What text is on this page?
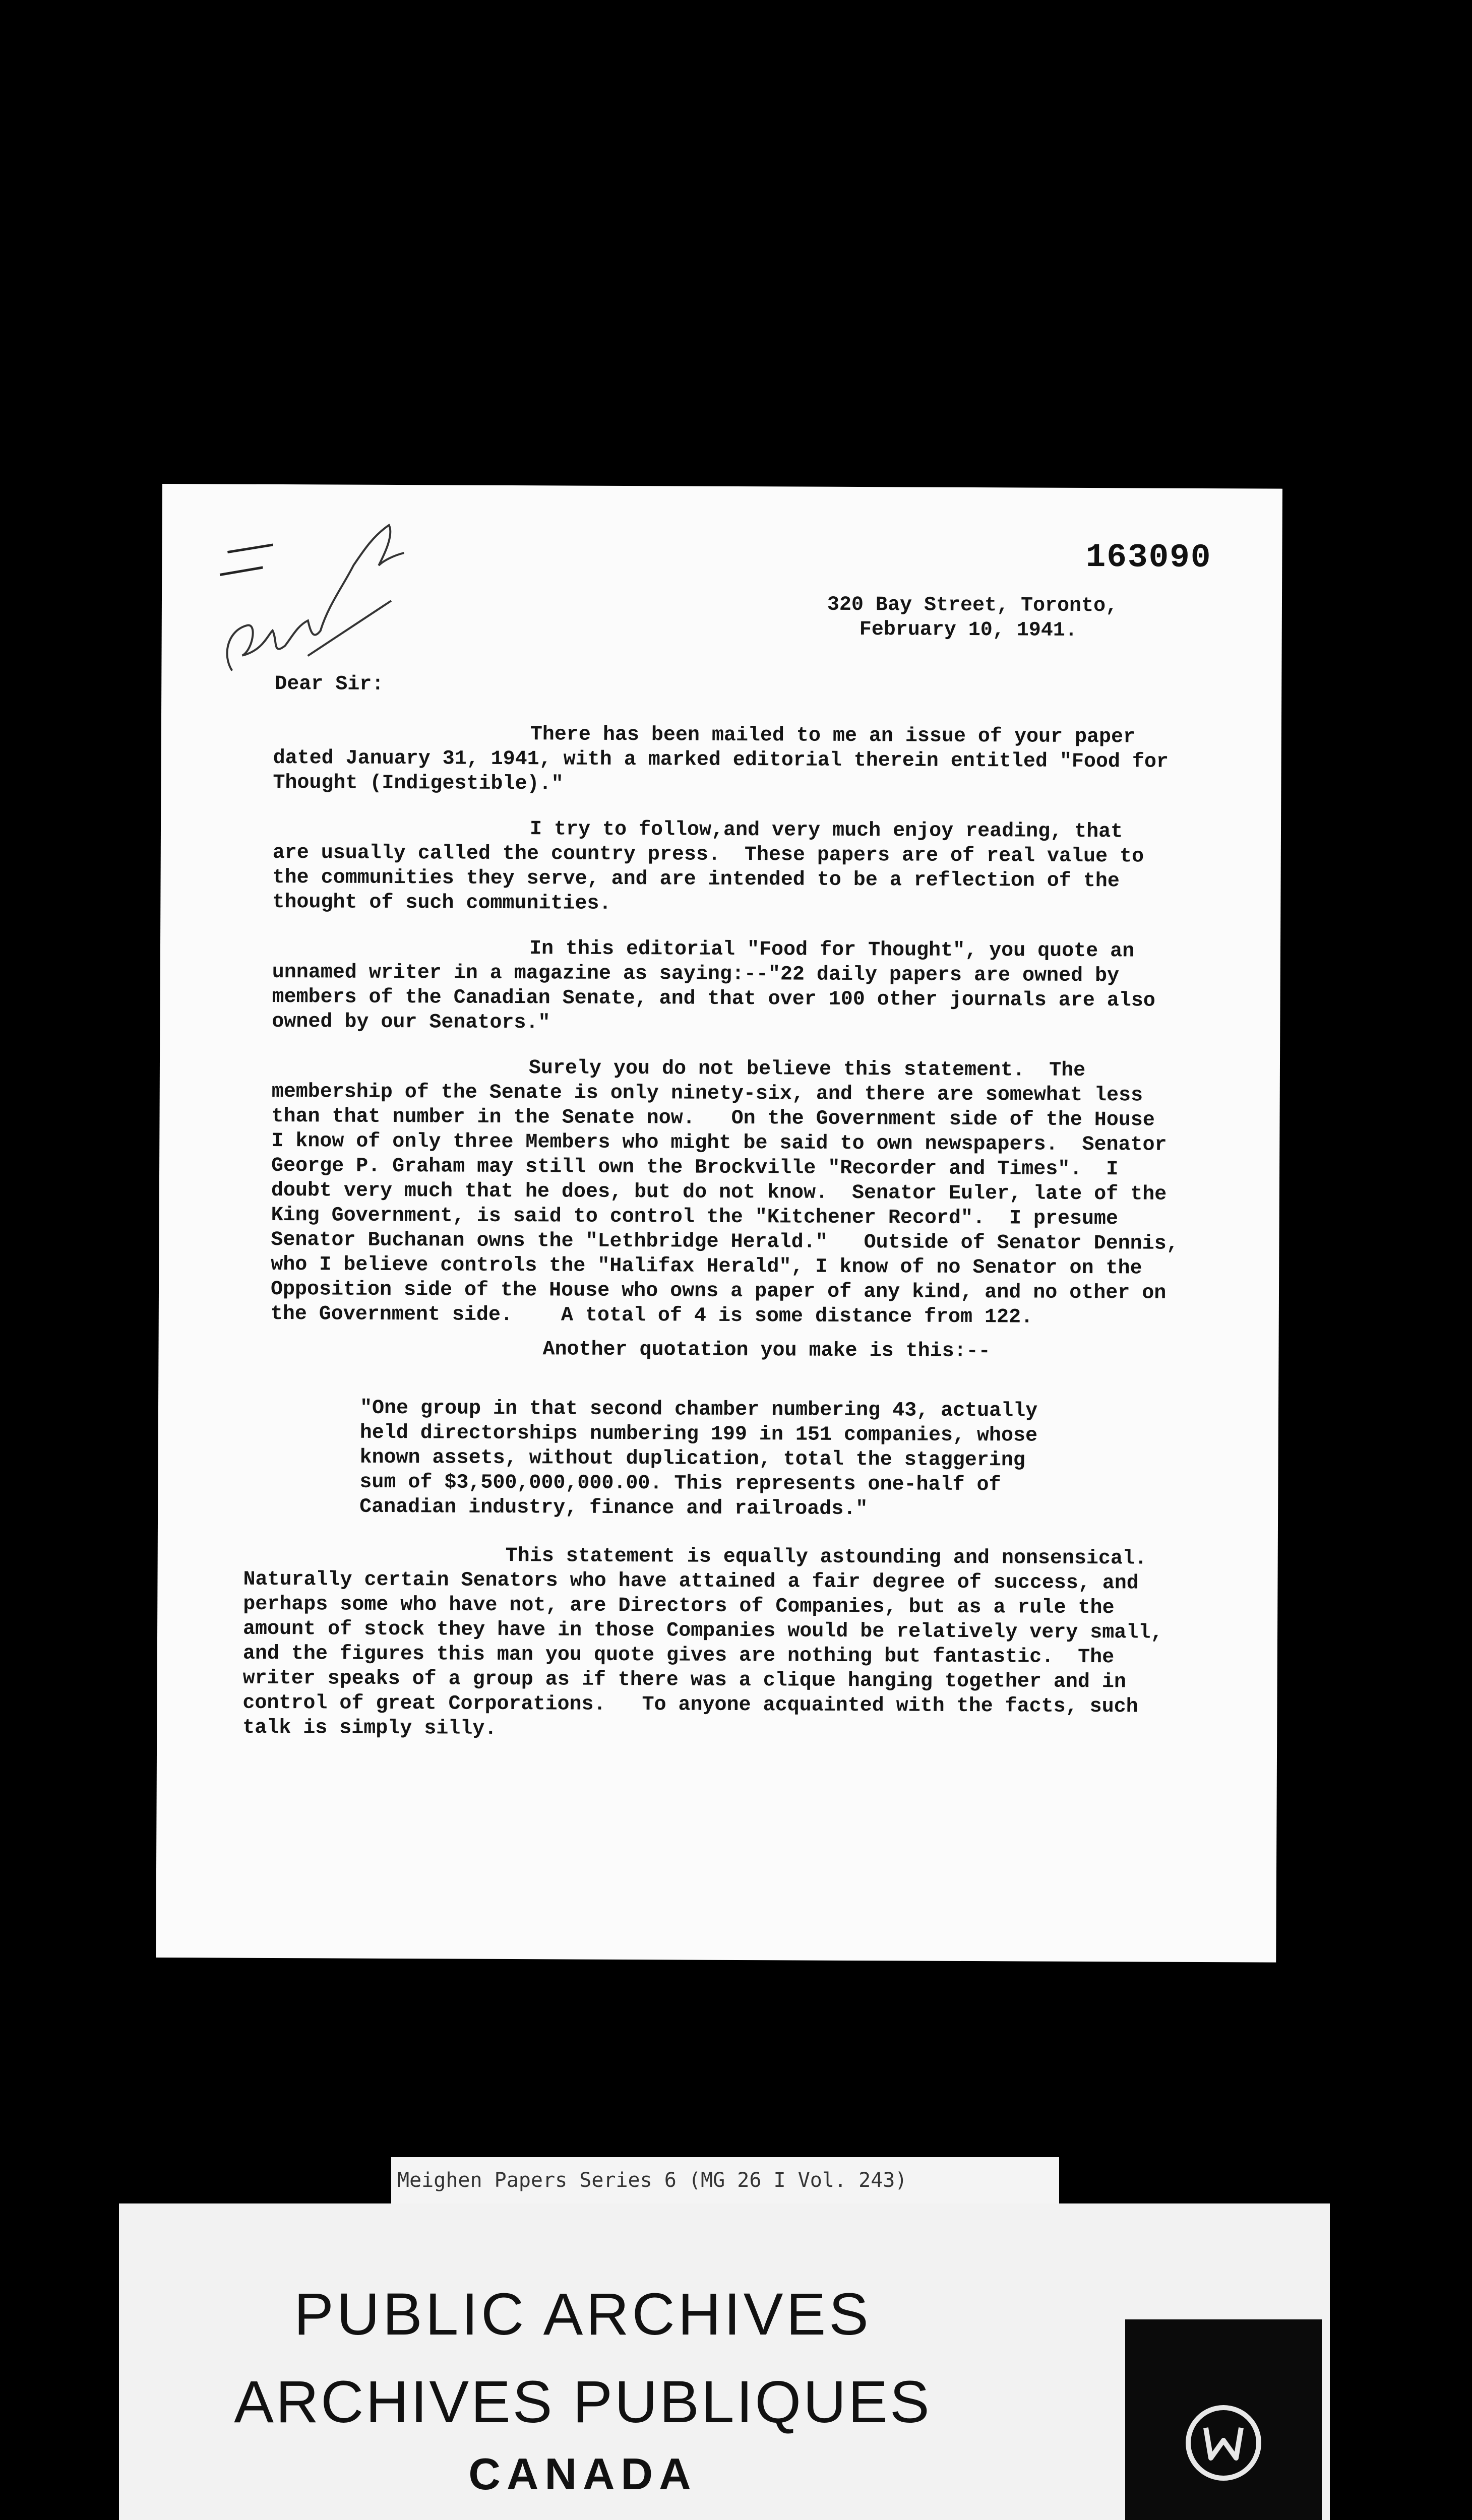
163090
320 Bay Street, Toronto,
February 10, 1941.
Dear Sir:
There has been mailed to me an issue of your paper
dated January 31, 1941, with a marked editorial therein entitled "Food for
Thought (Indigestible)."
I try to follow,and very much enjoy reading, that
are usually called the country press.  These papers are of real value to
the communities they serve, and are intended to be a reflection of the
thought of such communities.
In this editorial "Food for Thought", you quote an
unnamed writer in a magazine as saying:--"22 daily papers are owned by
members of the Canadian Senate, and that over 100 other journals are also
owned by our Senators."
Surely you do not believe this statement.  The
membership of the Senate is only ninety-six, and there are somewhat less
than that number in the Senate now.   On the Government side of the House
I know of only three Members who might be said to own newspapers.  Senator
George P. Graham may still own the Brockville "Recorder and Times".  I
doubt very much that he does, but do not know.  Senator Euler, late of the
King Government, is said to control the "Kitchener Record".  I presume
Senator Buchanan owns the "Lethbridge Herald."   Outside of Senator Dennis,
who I believe controls the "Halifax Herald", I know of no Senator on the
Opposition side of the House who owns a paper of any kind, and no other on
the Government side.    A total of 4 is some distance from 122.
Another quotation you make is this:--
"One group in that second chamber numbering 43, actually
held directorships numbering 199 in 151 companies, whose
known assets, without duplication, total the staggering
sum of $3,500,000,000.00. This represents one-half of
Canadian industry, finance and railroads."
This statement is equally astounding and nonsensical.
Naturally certain Senators who have attained a fair degree of success, and
perhaps some who have not, are Directors of Companies, but as a rule the
amount of stock they have in those Companies would be relatively very small,
and the figures this man you quote gives are nothing but fantastic.  The
writer speaks of a group as if there was a clique hanging together and in
control of great Corporations.   To anyone acquainted with the facts, such
talk is simply silly.
Meighen Papers Series 6 (MG 26 I Vol. 243)
PUBLIC ARCHIVES
ARCHIVES PUBLIQUES
CANADA
